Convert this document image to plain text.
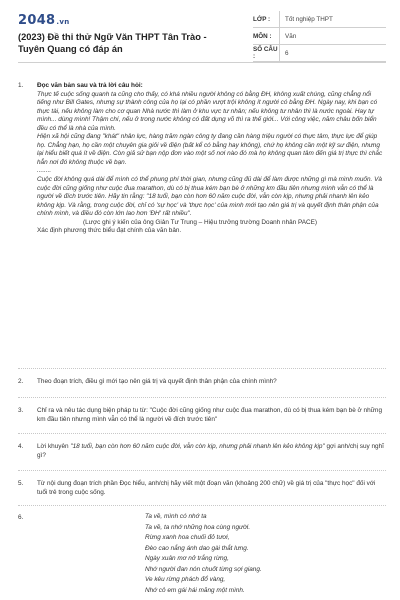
2048.vn
(2023) Đề thi thử Ngữ Văn THPT Tân Trào - Tuyên Quang có đáp án
LỚP :	Tốt nghiệp THPT
MÔN :	Văn
SỐ CÂU :	6
1. Đọc văn bản sau và trả lời câu hỏi:

Thực tế cuộc sống quanh ta cũng cho thấy, có khá nhiều người không có bằng ĐH, không xuất chúng, cũng chẳng nổi tiếng như Bill Gates, nhưng sự thành công của họ lại có phần vượt trội không ít người có bằng ĐH. Ngày nay, khi bạn có thực tài, nếu không làm cho cơ quan Nhà nước thì làm ở khu vực tư nhân; nếu không tư nhân thì là nước ngoài. Hay tự mình... dùng mình! Thậm chí, nếu ở trong nước không có đất dụng võ thì ra thế giới... Với công việc, năm châu bốn biển đều có thể là nhà của mình.

Hiện xã hội cũng đang "khát" nhân lực, hàng trăm ngàn công ty đang cần hàng triệu người có thực tâm, thực lực để giúp họ. Chẳng hạn, họ cần một chuyên gia giỏi về điện (bất kể có bằng hay không), chứ họ không cần một kỹ sư điện, nhưng lại hiểu biết quá ít về điện. Còn giả sử bạn nộp đơn vào một số nơi nào đó mà họ không quan tâm đến giá trị thực thì chắc hẳn nơi đó không thuộc về bạn.

........

Cuộc đời không quá dài để mình có thể phung phí thời gian, nhưng cũng đủ dài để làm được những gì mà mình muốn. Và cuộc đời cũng giống như cuộc đua marathon, dù có bị thua kém bạn bè ở những km đầu tiên nhưng mình vẫn có thể là người về đích trước tiên. Hãy tin rằng: "18 tuổi, bạn còn hơn 60 năm cuộc đời, vẫn còn kịp, nhưng phải nhanh lên kẻo không kịp. Và rằng, trong cuộc đời, chỉ có 'sự học' và 'thực học' của mình mới tạo nên giá trị và quyết định thân phận của chính mình, và điều đó còn lớn lao hơn 'ĐH' rất nhiều".

(Lược ghi ý kiến của ông Giản Tư Trung – Hiệu trưởng trường Doanh nhân PACE)

Xác định phương thức biểu đạt chính của văn bản.

2. Theo đoạn trích, điều gì mới tạo nên giá trị và quyết định thân phận của chính mình?
3. Chỉ ra và nêu tác dụng biện pháp tu từ: "Cuộc đời cũng giống như cuộc đua marathon, dù có bị thua kém bạn bè ở những km đầu tiên nhưng mình vẫn có thể là người về đích trước tiên"
4. Lời khuyên "18 tuổi, bạn còn hơn 60 năm cuộc đời, vẫn còn kịp, nhưng phải nhanh lên kẻo không kịp" gợi anh/chị suy nghĩ gì?
5. Từ nội dung đoạn trích phần Đọc hiểu, anh/chị hãy viết một đoạn văn (khoảng 200 chữ) về giá trị của "thực học" đối với tuổi trẻ trong cuộc sống.
6.	Ta về, mình có nhớ ta
Ta về, ta nhớ những hoa cùng người.
Rừng xanh hoa chuối đỏ tươi,
Đèo cao nắng ánh dao gài thắt lưng.
Ngày xuân mơ nở trắng rừng,
Nhớ người đan nón chuốt từng sợi giang.
Ve kêu rừng phách đổ vàng,
Nhớ cô em gái hái măng một mình.
